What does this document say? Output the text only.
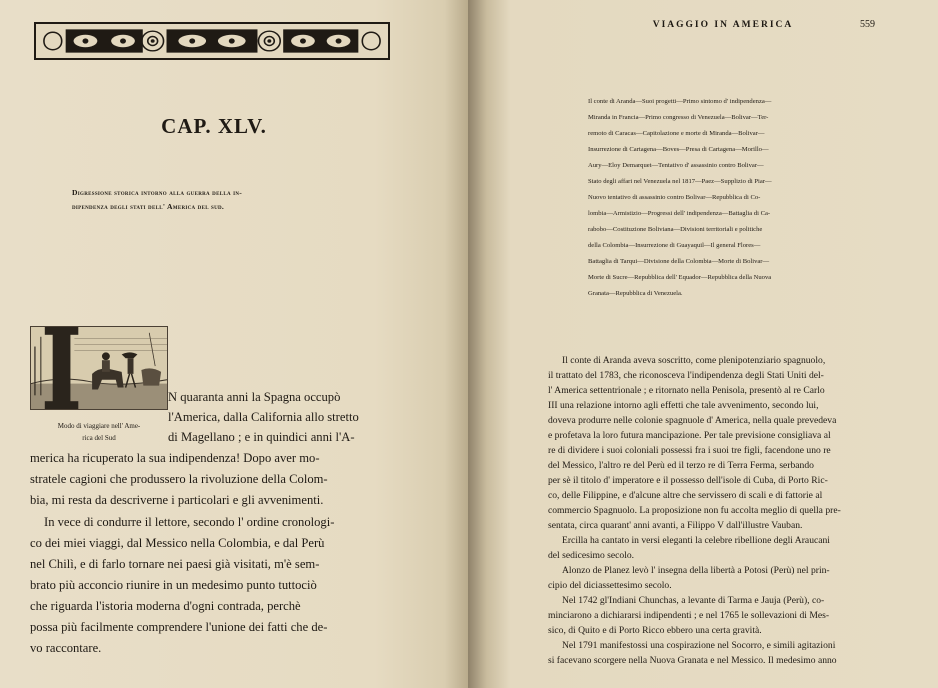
CAP. XLV.
Digressione storica intorno alla guerra della in-
dipendenza degli stati dell' America del sud.
Modo di viaggiare nell' Ame-
rica del Sud
N quaranta anni la Spagna occupò
l'America, dalla California allo stretto
di Magellano ; e in quindici anni l'A-
merica ha ricuperato la sua indipendenza! Dopo aver mo-
stratele cagioni che produssero la rivoluzione della Colom-
bia, mi resta da descriverne i particolari e gli avvenimenti.
In vece di condurre il lettore, secondo l' ordine cronologi-
co dei miei viaggi, dal Messico nella Colombia, e dal Perù
nel Chilì, e di farlo tornare nei paesi già visitati, m'è sem-
brato più acconcio riunire in un medesimo punto tuttociò
che riguarda l'istoria moderna d'ogni contrada, perchè
possa più facilmente comprendere l'unione dei fatti che de-
vo raccontare.
VIAGGIO IN AMERICA	559
Il conte di Aranda—Suoi progetti—Primo sintomo d' indipendenza—
Miranda in Francia—Primo congresso di Venezuela—Bolivar—Ter-
remoto di Caracas—Capitolazione e morte di Miranda—Bolivar—
Insurrezione di Cartagena—Boves—Presa di Cartagena—Morillo—
Aury—Eloy Demarquet—Tentativo d' assassinio contro Bolivar—
Stato degli affari nel Venezuela nel 1817—Paez—Supplizio di Piar—
Nuovo tentativo di assassinio contro Bolivar—Repubblica di Co-
lombia—Armistizio—Progressi dell' indipendenza—Battaglia di Ca-
rabobo—Costituzione Boliviana—Divisioni territoriali e politiche
della Colombia—Insurrezione di Guayaquil—Il general Flores—
Battaglia di Tarqui—Divisione della Colombia—Morte di Bolivar—
Morte di Sucre—Repubblica dell' Equador—Repubblica della Nuova
Granata—Repubblica di Venezuela.
Il conte di Aranda aveva soscritto, come plenipotenziario spagnuolo,
il trattato del 1783, che riconosceva l'indipendenza degli Stati Uniti del-
l' America settentrionale ; e ritornato nella Penisola, presentò al re Carlo
III una relazione intorno agli effetti che tale avvenimento, secondo lui,
doveva produrre nelle colonie spagnuole d' America, nella quale prevedeva
e profetava la loro futura mancipazione. Per tale previsione consigliava al
re di dividere i suoi coloniali possessi fra i suoi tre figli, facendone uno re
del Messico, l'altro re del Perù ed il terzo re di Terra Ferma, serbando
per sè il titolo d' imperatore e il possesso dell'isole di Cuba, di Porto Ric-
co, delle Filippine, e d'alcune altre che servissero di scali e di fattorie al
commercio Spagnuolo. La proposizione non fu accolta meglio di quella pre-
sentata, circa quarant' anni avanti, a Filippo V dall'illustre Vauban.
Ercilla ha cantato in versi eleganti la celebre ribellione degli Araucani
del sedicesimo secolo.
Alonzo de Planez levò l' insegna della libertà a Potosi (Perù) nel prin-
cipio del diciassettesimo secolo.
Nel 1742 gl'Indiani Chunchas, a levante di Tarma e Jauja (Perù), co-
minciarono a dichiararsi indipendenti ; e nel 1765 le sollevazioni di Mes-
sico, di Quito e di Porto Ricco ebbero una certa gravità.
Nel 1791 manifestossi una cospirazione nel Socorro, e simili agitazioni
si facevano scorgere nella Nuova Granata e nel Messico. Il medesimo anno
